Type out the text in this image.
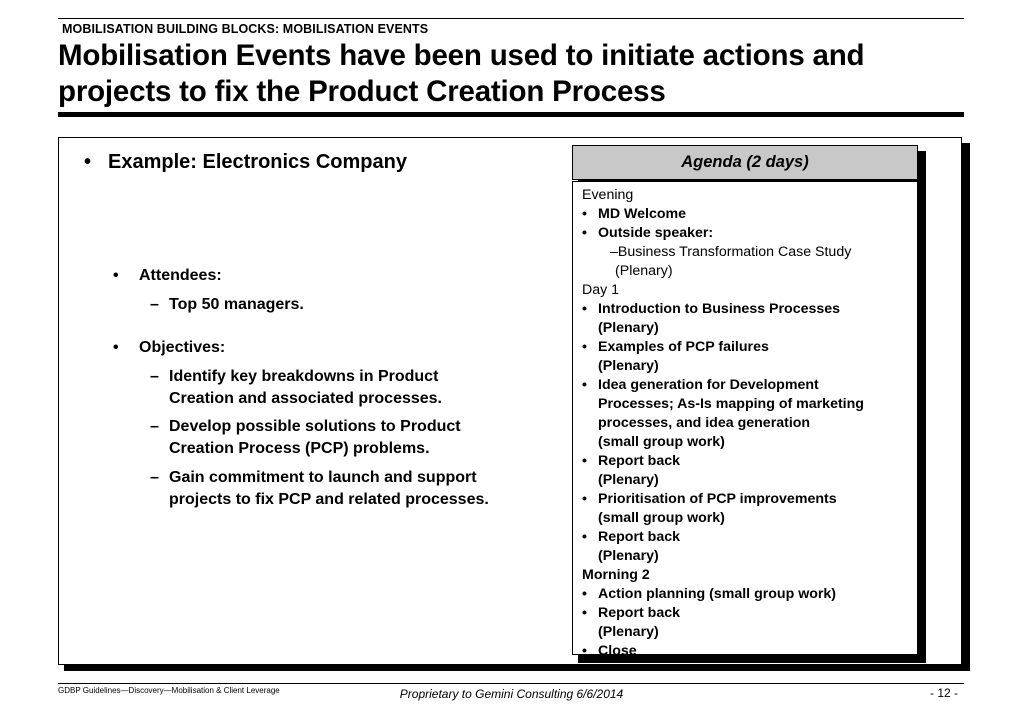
MOBILISATION BUILDING BLOCKS: MOBILISATION EVENTS
Mobilisation Events have been used to initiate actions and
projects to fix the Product Creation Process
• Example: Electronics Company
• Attendees:
– Top 50 managers.
• Objectives:
– Identify key breakdowns in Product
Creation and associated processes.
– Develop possible solutions to Product
Creation Process (PCP) problems.
– Gain commitment to launch and support
projects to fix PCP and related processes.
Agenda (2 days)
Evening
• MD Welcome
• Outside speaker:
–Business Transformation Case Study
(Plenary)
Day 1
• Introduction to Business Processes
(Plenary)
• Examples of PCP failures
(Plenary)
• Idea generation for Development
Processes; As-Is mapping of marketing
processes, and idea generation
(small group work)
• Report back
(Plenary)
• Prioritisation of PCP improvements
(small group work)
• Report back
(Plenary)
Morning 2
• Action planning (small group work)
• Report back
(Plenary)
• Close
GDBP Guidelines—Discovery—Mobilisation & Client Leverage	Proprietary to Gemini Consulting 6/6/2014	- 12 -
